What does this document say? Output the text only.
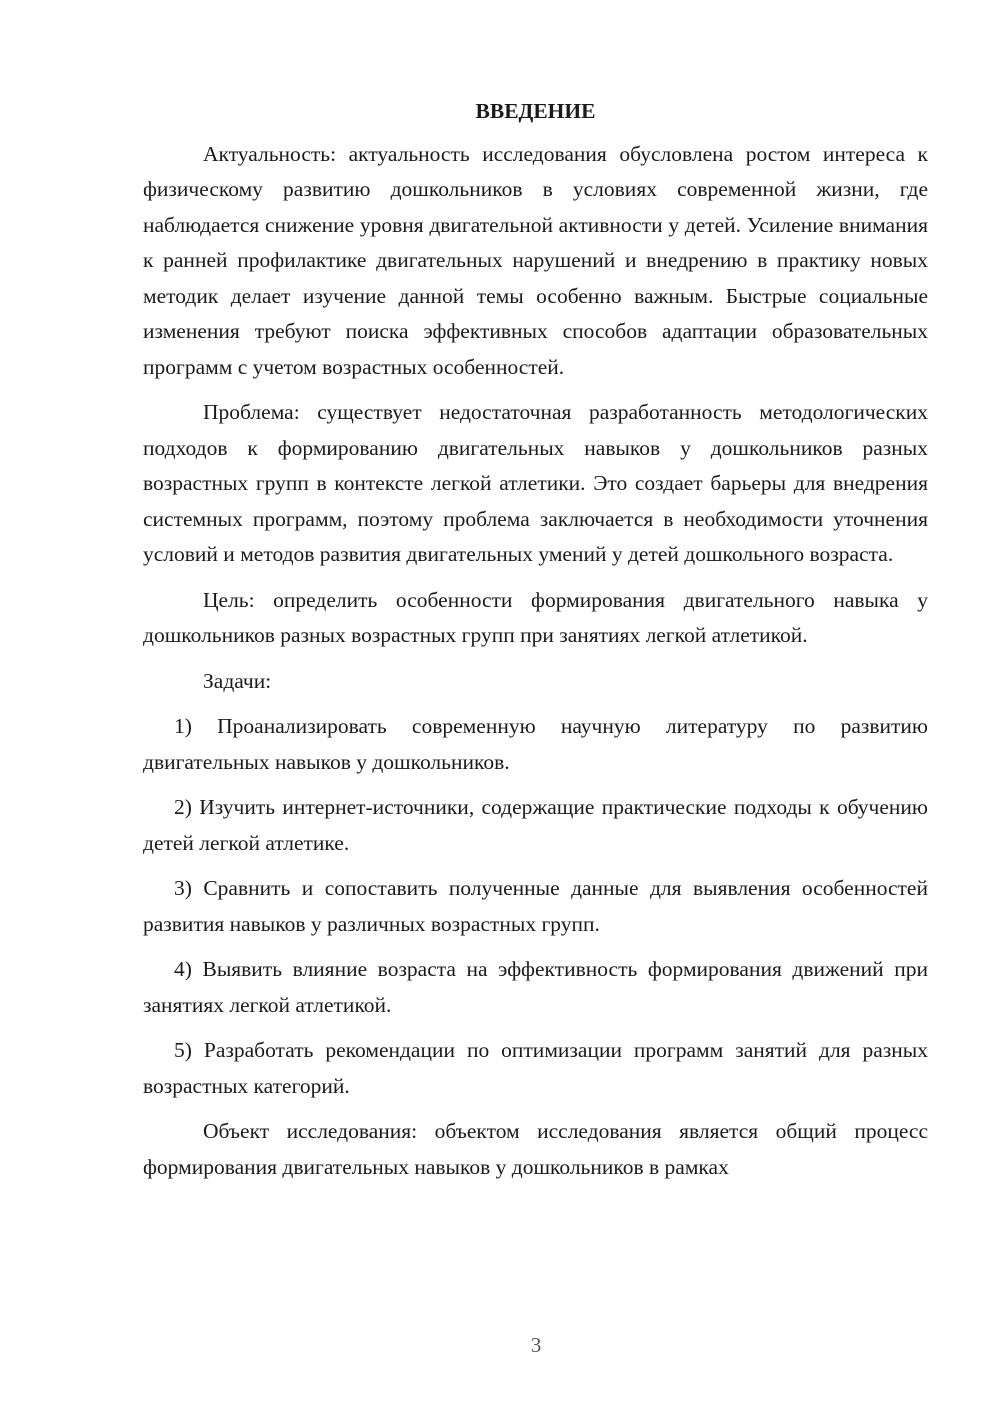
ВВЕДЕНИЕ

Актуальность: актуальность исследования обусловлена ростом интереса к физическому развитию дошкольников в условиях современной жизни, где наблюдается снижение уровня двигательной активности у детей. Усиление внимания к ранней профилактике двигательных нарушений и внедрению в практику новых методик делает изучение данной темы особенно важным. Быстрые социальные изменения требуют поиска эффективных способов адаптации образовательных программ с учетом возрастных особенностей.

Проблема: существует недостаточная разработанность методологических подходов к формированию двигательных навыков у дошкольников разных возрастных групп в контексте легкой атлетики. Это создает барьеры для внедрения системных программ, поэтому проблема заключается в необходимости уточнения условий и методов развития двигательных умений у детей дошкольного возраста.

Цель: определить особенности формирования двигательного навыка у дошкольников разных возрастных групп при занятиях легкой атлетикой.

Задачи:

1) Проанализировать современную научную литературу по развитию двигательных навыков у дошкольников.

2) Изучить интернет-источники, содержащие практические подходы к обучению детей легкой атлетике.

3) Сравнить и сопоставить полученные данные для выявления особенностей развития навыков у различных возрастных групп.

4) Выявить влияние возраста на эффективность формирования движений при занятиях легкой атлетикой.

5) Разработать рекомендации по оптимизации программ занятий для разных возрастных категорий.

Объект исследования: объектом исследования является общий процесс формирования двигательных навыков у дошкольников в рамках

3
